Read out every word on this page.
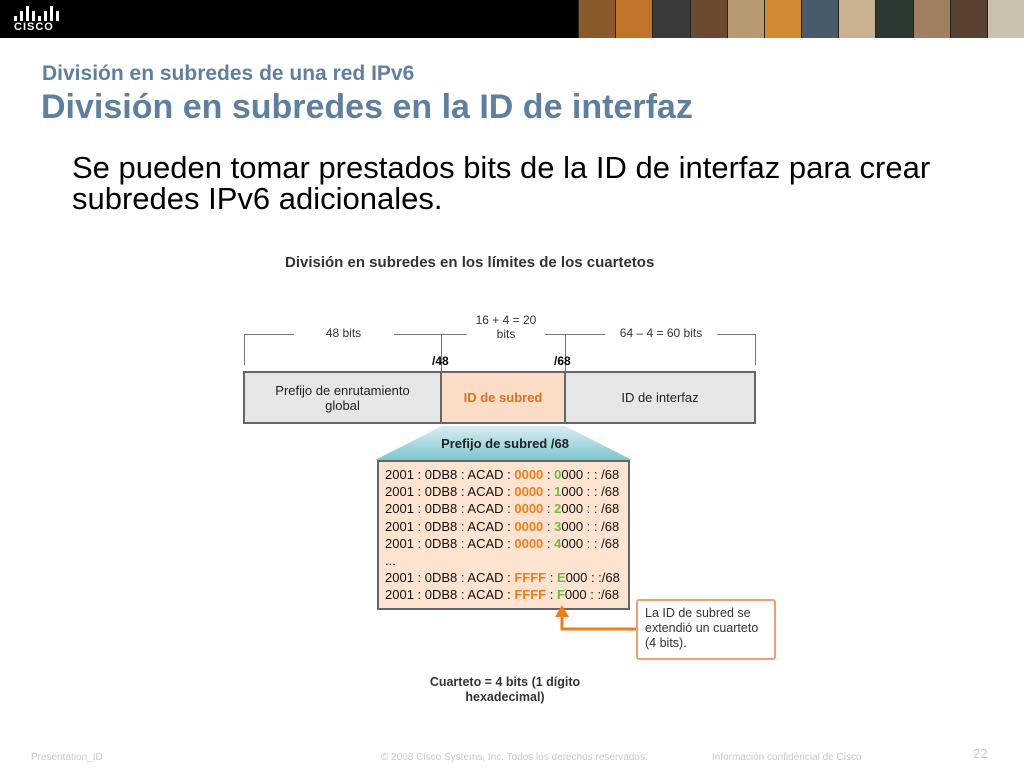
CISCO
División en subredes de una red IPv6
División en subredes en la ID de interfaz
Se pueden tomar prestados bits de la ID de interfaz para crear subredes IPv6 adicionales.
División en subredes en los límites de los cuartetos
48 bits
16 + 4 = 20
bits	64 – 4 = 60 bits
/48	/68
Prefijo de enrutamiento
global	ID de subred	ID de interfaz
Prefijo de subred /68
2001 : 0DB8 : ACAD : 0000 : 0000 : : /68
2001 : 0DB8 : ACAD : 0000 : 1000 : : /68
2001 : 0DB8 : ACAD : 0000 : 2000 : : /68
2001 : 0DB8 : ACAD : 0000 : 3000 : : /68
2001 : 0DB8 : ACAD : 0000 : 4000 : : /68
...
2001 : 0DB8 : ACAD : FFFF : E000 : :/68
2001 : 0DB8 : ACAD : FFFF : F000 : :/68
La ID de subred se extendió un cuarteto (4 bits).
Cuarteto = 4 bits (1 dígito
hexadecimal)
Presentation_ID	© 2008 Cisco Systems, Inc. Todos los derechos reservados.	Información confidencial de Cisco	22
